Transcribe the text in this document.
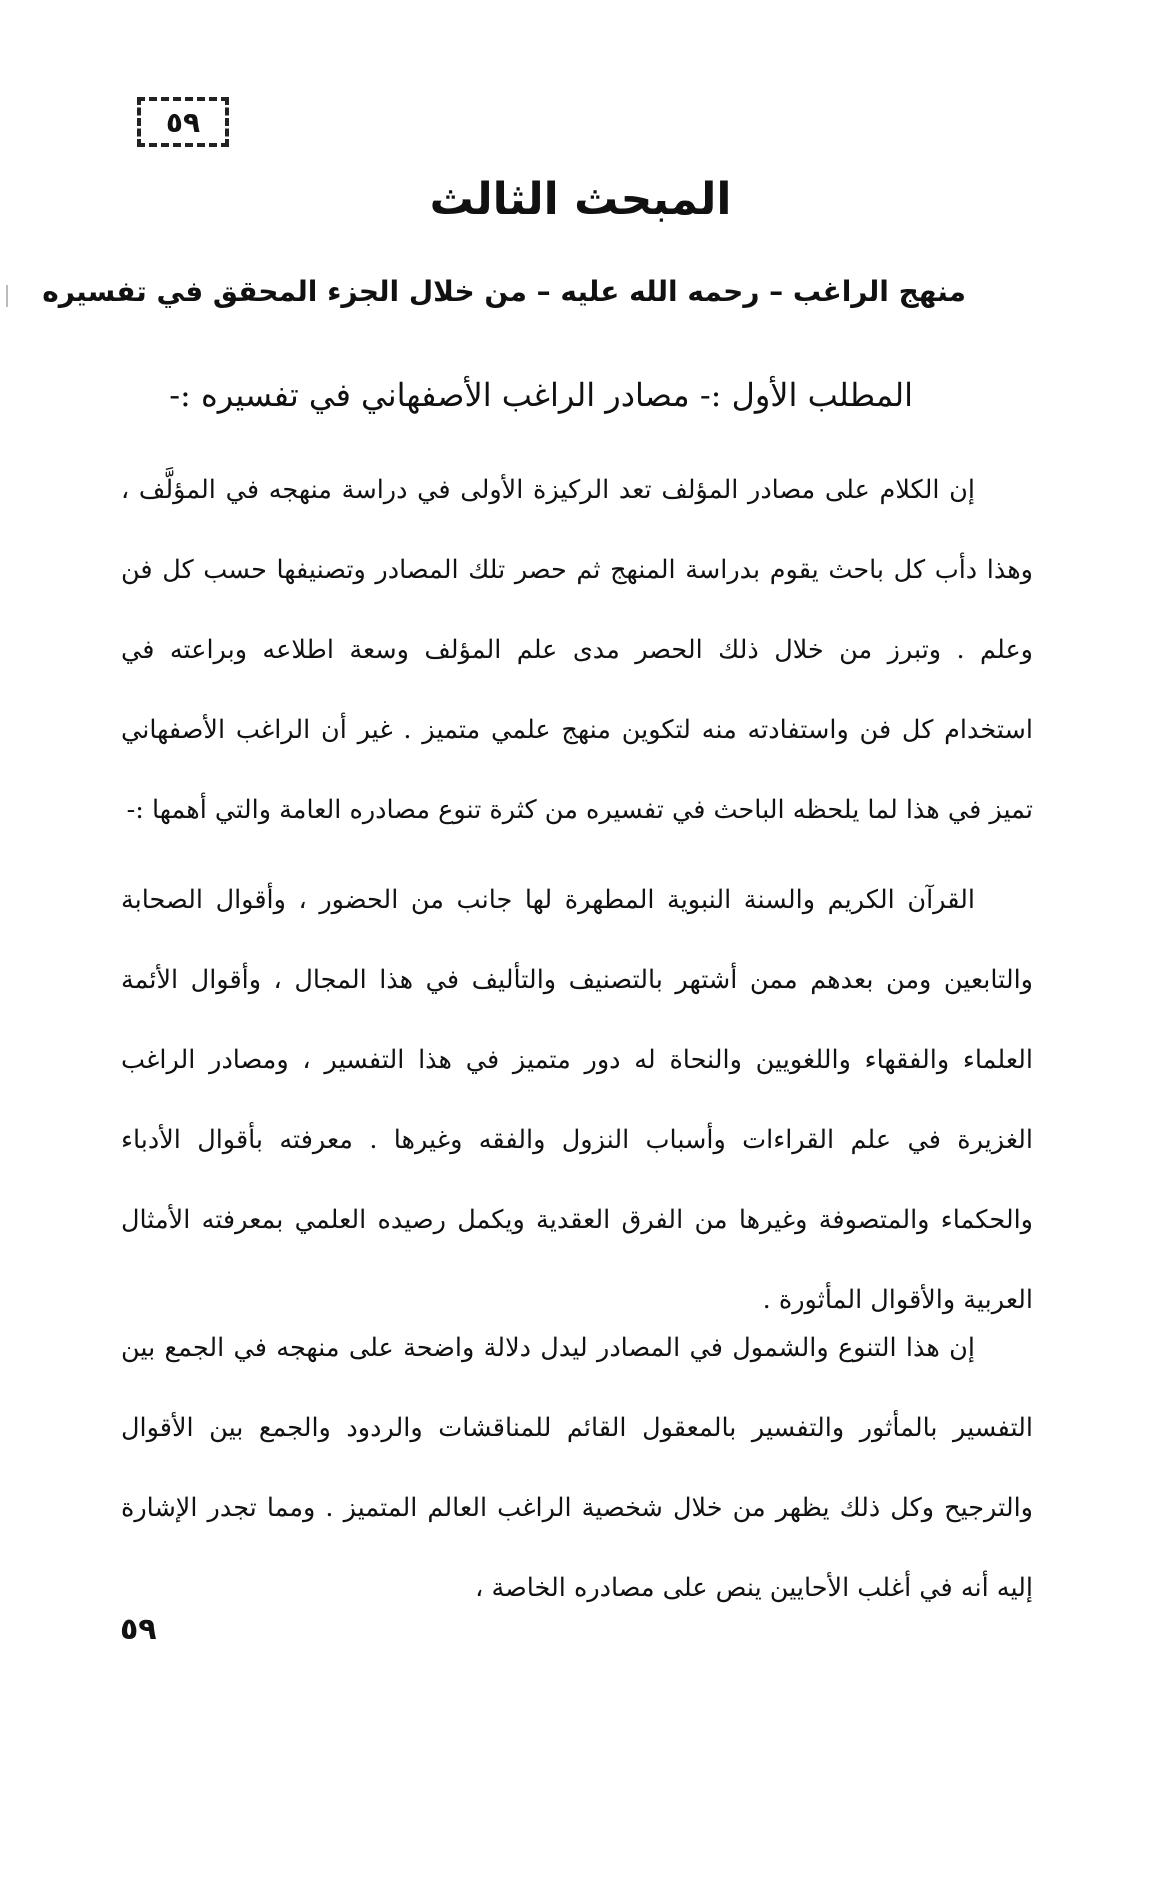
٥٩
المبحث الثالث
منهج الراغب – رحمه الله عليه – من خلال الجزء المحقق في تفسيره
المطلب الأول :- مصادر الراغب الأصفهاني في تفسيره :-

إن الكلام على مصادر المؤلف تعد الركيزة الأولى في دراسة منهجه في المؤلَّف ، وهذا دأب كل باحث يقوم بدراسة المنهج ثم حصر تلك المصادر وتصنيفها حسب كل فن وعلم . وتبرز من خلال ذلك الحصر مدى علم المؤلف وسعة اطلاعه وبراعته في استخدام كل فن واستفادته منه لتكوين منهج علمي متميز . غير أن الراغب الأصفهاني تميز في هذا لما يلحظه الباحث في تفسيره من كثرة تنوع مصادره العامة والتي أهمها :-

القرآن الكريم والسنة النبوية المطهرة لها جانب من الحضور ، وأقوال الصحابة والتابعين ومن بعدهم ممن أشتهر بالتصنيف والتأليف في هذا المجال ، وأقوال الأئمة العلماء والفقهاء واللغويين والنحاة له دور متميز في هذا التفسير ، ومصادر الراغب الغزيرة في علم القراءات وأسباب النزول والفقه وغيرها . معرفته بأقوال الأدباء والحكماء والمتصوفة وغيرها من الفرق العقدية ويكمل رصيده العلمي بمعرفته الأمثال العربية والأقوال المأثورة .

إن هذا التنوع والشمول في المصادر ليدل دلالة واضحة على منهجه في الجمع بين التفسير بالمأثور والتفسير بالمعقول القائم للمناقشات والردود والجمع بين الأقوال والترجيح وكل ذلك يظهر من خلال شخصية الراغب العالم المتميز . ومما تجدر الإشارة إليه أنه في أغلب الأحايين ينص على مصادره الخاصة ،

٥٩
